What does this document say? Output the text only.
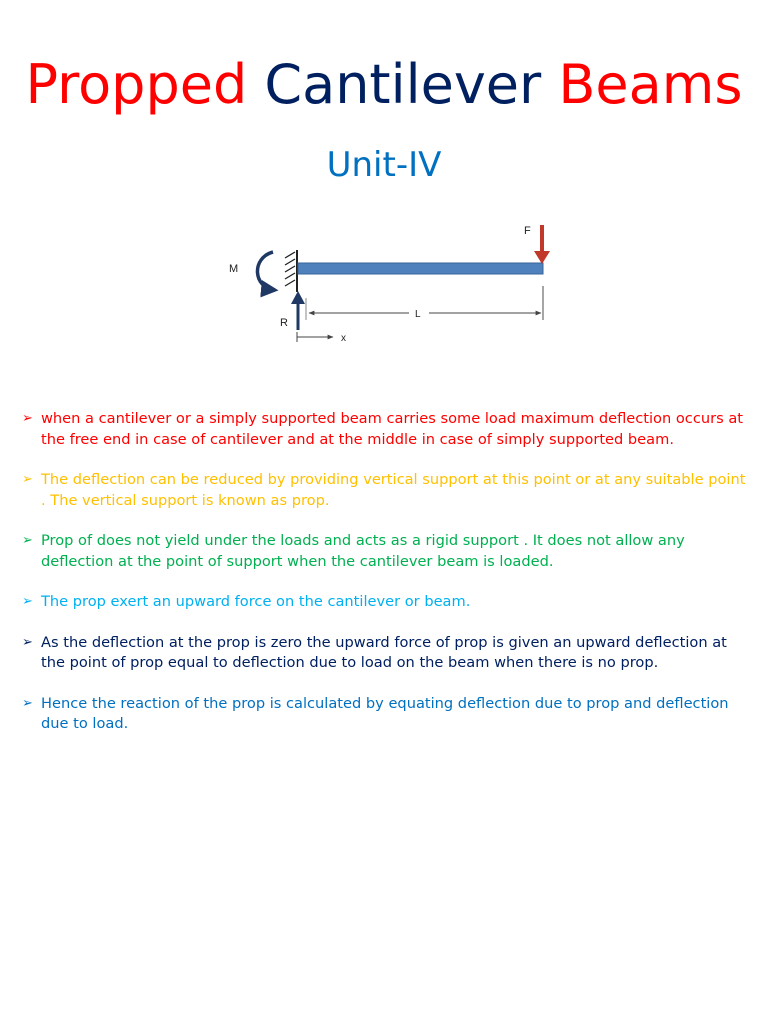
Propped Cantilever Beams
Unit-IV
M
F
R
L
x
➢ when a cantilever or a simply supported beam carries some load maximum deflection occurs at the free end in case of cantilever and at the middle in case of simply supported beam.
➢ The deflection can be reduced by providing vertical support at this point or at any suitable point . The vertical support is known as prop.
➢ Prop of does not yield under the loads and acts as a rigid support . It does not allow any deflection at the point of support when the cantilever beam is loaded.
➢ The prop exert an upward force on the cantilever or beam.
➢ As the deflection at the prop is zero the upward force of prop is given an upward deflection at the point of prop equal to deflection due to load on the beam when there is no prop.
➢ Hence the reaction of the prop is calculated by equating deflection due to prop and deflection due to load.
